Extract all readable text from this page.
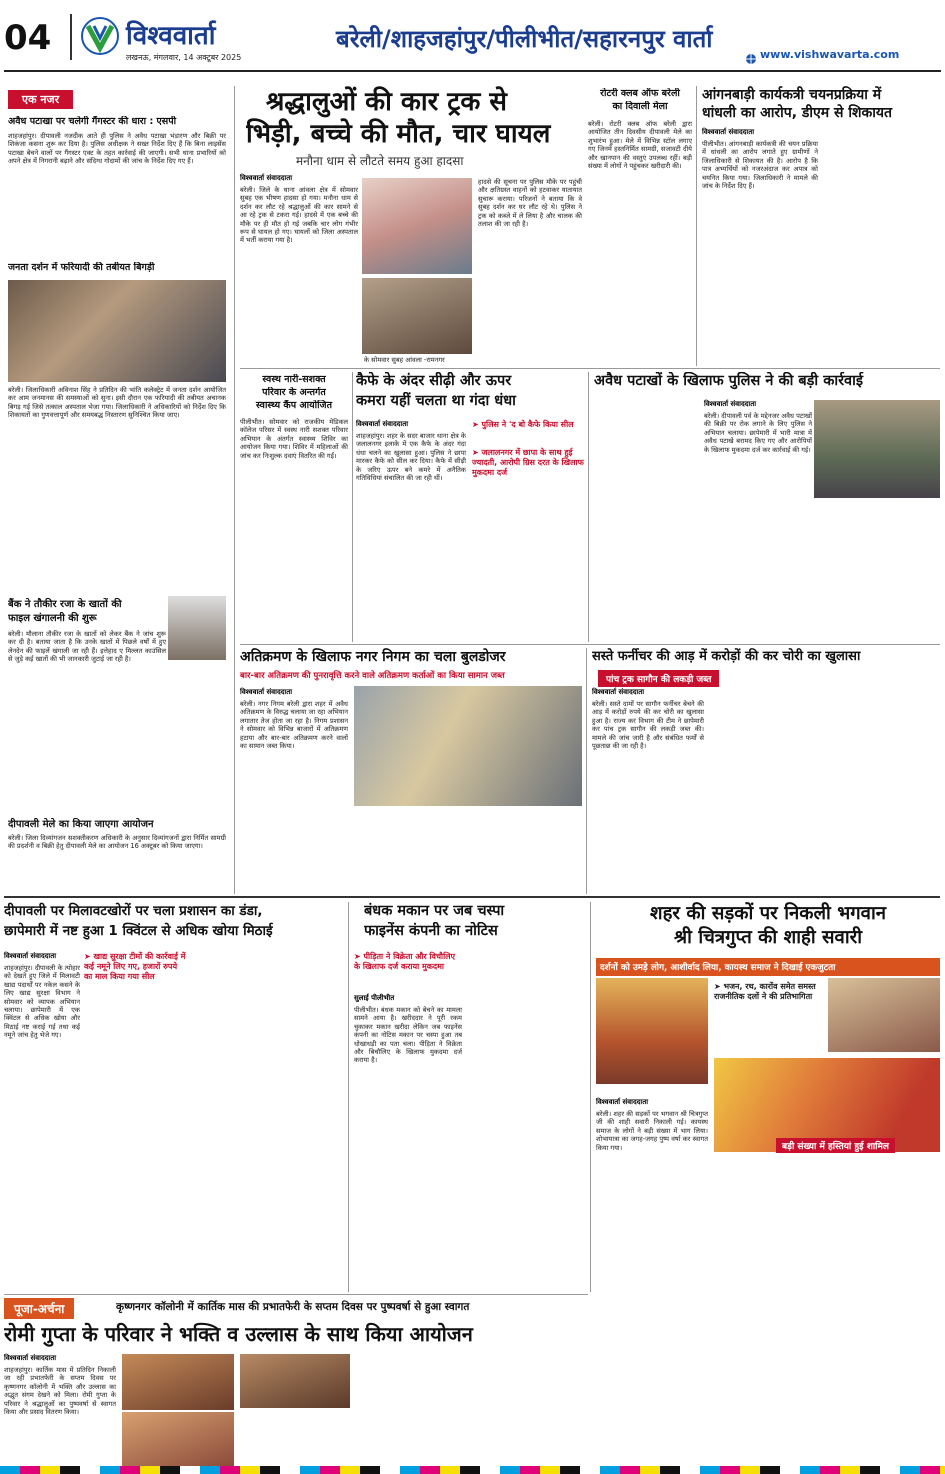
04	विश्ववार्ता
लखनऊ, मंगलवार, 14 अक्टूबर 2025
बरेली/शाहजहांपुर/पीलीभीत/सहारनपुर वार्ता
www.vishwavarta.com
एक नजर
अवैध पटाखा पर चलेगी गैंगस्टर की धारा : एसपी
शाहजहांपुर। दीपावली नजदीक आते ही पुलिस ने अवैध पटाखा भंडारण और बिक्री पर शिकंजा कसना शुरू कर दिया है। पुलिस अधीक्षक ने सख्त निर्देश दिए हैं कि बिना लाइसेंस पटाखा बेचने वालों पर गैंगस्टर एक्ट के तहत कार्रवाई की जाएगी। सभी थाना प्रभारियों को अपने क्षेत्र में निगरानी बढ़ाने और संदिग्ध गोदामों की जांच के निर्देश दिए गए हैं।
जनता दर्शन में फरियादी की तबीयत बिगड़ी
बरेली। जिलाधिकारी अविनाश सिंह ने प्रतिदिन की भांति कलेक्ट्रेट में जनता दर्शन आयोजित कर आम जनमानस की समस्याओं को सुना। इसी दौरान एक फरियादी की तबीयत अचानक बिगड़ गई जिसे तत्काल अस्पताल भेजा गया। जिलाधिकारी ने अधिकारियों को निर्देश दिए कि शिकायतों का गुणवत्तापूर्ण और समयबद्ध निस्तारण सुनिश्चित किया जाए।
बैंक ने तौकीर रजा के खातों की
फाइल खंगालनी की शुरू
बरेली। मौलाना तौकीर रजा के खातों को लेकर बैंक ने जांच शुरू कर दी है। बताया जाता है कि उनके खातों में पिछले वर्षों में हुए लेनदेन की फाइलें खंगाली जा रही हैं। इत्तेहाद ए मिल्लत काउंसिल से जुड़े कई खातों की भी जानकारी जुटाई जा रही है।
दीपावली मेले का किया जाएगा आयोजन
बरेली। जिला दिव्यांगजन सशक्तीकरण अधिकारी के अनुसार दिव्यांगजनों द्वारा निर्मित सामग्री की प्रदर्शनी व बिक्री हेतु दीपावली मेले का आयोजन 16 अक्टूबर को किया जाएगा।
श्रद्धालुओं की कार ट्रक से
भिड़ी, बच्चे की मौत, चार घायल
मनौना धाम से लौटते समय हुआ हादसा
विश्ववार्ता संवाददाता
बरेली। जिले के थाना आंवला क्षेत्र में सोमवार सुबह एक भीषण हादसा हो गया। मनौना धाम से दर्शन कर लौट रहे श्रद्धालुओं की कार सामने से आ रहे ट्रक से टकरा गई। हादसे में एक बच्चे की मौके पर ही मौत हो गई जबकि चार लोग गंभीर रूप से घायल हो गए। घायलों को जिला अस्पताल में भर्ती कराया गया है।
हादसे की सूचना पर पुलिस मौके पर पहुंची और क्षतिग्रस्त वाहनों को हटवाकर यातायात सुचारू कराया। परिजनों ने बताया कि वे सुबह दर्शन कर घर लौट रहे थे। पुलिस ने ट्रक को कब्जे में ले लिया है और चालक की तलाश की जा रही है।
के सोमवार सुबह आंवला -रामनगर
रोटरी क्लब ऑफ बरेली
का दिवाली मेला
बरेली। रोटरी क्लब ऑफ बरेली द्वारा आयोजित तीन दिवसीय दीपावली मेले का शुभारंभ हुआ। मेले में विभिन्न स्टॉल लगाए गए जिनमें हस्तनिर्मित सामग्री, सजावटी दीये और खानपान की वस्तुएं उपलब्ध रहीं। बड़ी संख्या में लोगों ने पहुंचकर खरीदारी की।
आंगनबाड़ी कार्यकत्री चयनप्रक्रिया में
धांधली का आरोप, डीएम से शिकायत
विश्ववार्ता संवाददाता
पीलीभीत। आंगनबाड़ी कार्यकत्री की चयन प्रक्रिया में धांधली का आरोप लगाते हुए ग्रामीणों ने जिलाधिकारी से शिकायत की है। आरोप है कि पात्र अभ्यर्थियों को नजरअंदाज कर अपात्र को चयनित किया गया। जिलाधिकारी ने मामले की जांच के निर्देश दिए हैं।
स्वस्थ नारी-सशक्त
परिवार के अन्तर्गत
स्वास्थ्य कैंप आयोजित
पीलीभीत। सोमवार को राजकीय मेडिकल कॉलेज परिसर में स्वस्थ नारी सशक्त परिवार अभियान के अंतर्गत स्वास्थ्य शिविर का आयोजन किया गया। शिविर में महिलाओं की जांच कर निःशुल्क दवाएं वितरित की गईं।
कैफे के अंदर सीढ़ी और ऊपर
कमरा यहीं चलता था गंदा धंधा
विश्ववार्ता संवाददाता
शाहजहांपुर। शहर के सदर बाजार थाना क्षेत्र के जलालनगर इलाके में एक कैफे के अंदर गंदा धंधा चलने का खुलासा हुआ। पुलिस ने छापा मारकर कैफे को सील कर दिया। कैफे में सीढ़ी के जरिए ऊपर बने कमरे में अनैतिक गतिविधियां संचालित की जा रही थीं।
➤ पुलिस ने 'द बो कैफे किया सील
➤ जलालनगर में छापा के साथ हुई ज्यादती, आरोपी ग्रिस दरत के खिलाफ मुकदमा दर्ज
अवैध पटाखों के खिलाफ पुलिस ने की बड़ी कार्रवाई
विश्ववार्ता संवाददाता
बरेली। दीपावली पर्व के मद्देनजर अवैध पटाखों की बिक्री पर रोक लगाने के लिए पुलिस ने अभियान चलाया। छापेमारी में भारी मात्रा में अवैध पटाखे बरामद किए गए और आरोपियों के खिलाफ मुकदमा दर्ज कर कार्रवाई की गई।
अतिक्रमण के खिलाफ नगर निगम का चला बुलडोजर
बार-बार अतिक्रमण की पुनरावृत्ति करने वाले अतिक्रमण कर्ताओं का किया सामान जब्त
विश्ववार्ता संवाददाता
बरेली। नगर निगम बरेली द्वारा शहर में अवैध अतिक्रमण के विरुद्ध चलाया जा रहा अभियान लगातार तेज होता जा रहा है। निगम प्रशासन ने सोमवार को विभिन्न बाजारों में अतिक्रमण हटाया और बार-बार अतिक्रमण करने वालों का सामान जब्त किया।
सस्ते फर्नीचर की आड़ में करोड़ों की कर चोरी का खुलासा
पांच ट्रक सागौन की लकड़ी जब्त
विश्ववार्ता संवाददाता
बरेली। सस्ते दामों पर सागौन फर्नीचर बेचने की आड़ में करोड़ों रुपये की कर चोरी का खुलासा हुआ है। राज्य कर विभाग की टीम ने छापेमारी कर पांच ट्रक सागौन की लकड़ी जब्त की। मामले की जांच जारी है और संबंधित फर्मों से पूछताछ की जा रही है।
दीपावली पर मिलावटखोरों पर चला प्रशासन का डंडा,
छापेमारी में नष्ट हुआ 1 क्विंटल से अधिक खोया मिठाई
विश्ववार्ता संवाददाता	➤ खाद्य सुरक्षा टीमों की कार्रवाई में कई नमूने लिए गए, हजारों रुपये का माल किया गया सील
शाहजहांपुर। दीपावली के त्योहार को देखते हुए जिले में मिलावटी खाद्य पदार्थों पर नकेल कसने के लिए खाद्य सुरक्षा विभाग ने सोमवार को व्यापक अभियान चलाया। छापेमारी में एक क्विंटल से अधिक खोया और मिठाई नष्ट कराई गई तथा कई नमूने जांच हेतु भेजे गए।
बंधक मकान पर जब चस्पा
फाइनेंस कंपनी का नोटिस
➤ पीड़िता ने विक्रेता और विचौलिए के खिलाफ दर्ज कराया मुकदमा
सुलाई पीलीभीत
पीलीभीत। बंधक मकान को बेचने का मामला सामने आया है। खरीददार ने पूरी रकम चुकाकर मकान खरीदा लेकिन जब फाइनेंस कंपनी का नोटिस मकान पर चस्पा हुआ तब धोखाधड़ी का पता चला। पीड़िता ने विक्रेता और बिचौलिए के खिलाफ मुकदमा दर्ज कराया है।
शहर की सड़कों पर निकली भगवान
श्री चित्रगुप्त की शाही सवारी
दर्शनों को उमड़े लोग, आशीर्वाद लिया, कायस्थ समाज ने दिखाई एकजुटता
➤ भजन, रथ, कारोंव समेत समस्त राजनीतिक दलों ने की प्रतिभागिता
विश्ववार्ता संवाददाता
बरेली। शहर की सड़कों पर भगवान श्री चित्रगुप्त जी की शाही सवारी निकाली गई। कायस्थ समाज के लोगों ने बड़ी संख्या में भाग लिया। शोभायात्रा का जगह-जगह पुष्प वर्षा कर स्वागत किया गया।	बड़ी संख्या में हस्तियां हुई शामिल
पूजा-अर्चना	कृष्णनगर कॉलोनी में कार्तिक मास की प्रभातफेरी के सप्तम दिवस पर पुष्पवर्षा से हुआ स्वागत
रोमी गुप्ता के परिवार ने भक्ति व उल्लास के साथ किया आयोजन
विश्ववार्ता संवाददाता
शाहजहांपुर। कार्तिक मास में प्रतिदिन निकाली जा रही प्रभातफेरी के सप्तम दिवस पर कृष्णनगर कॉलोनी में भक्ति और उल्लास का अद्भुत संगम देखने को मिला। रोमी गुप्ता के परिवार ने श्रद्धालुओं का पुष्पवर्षा से स्वागत किया और प्रसाद वितरण किया।
